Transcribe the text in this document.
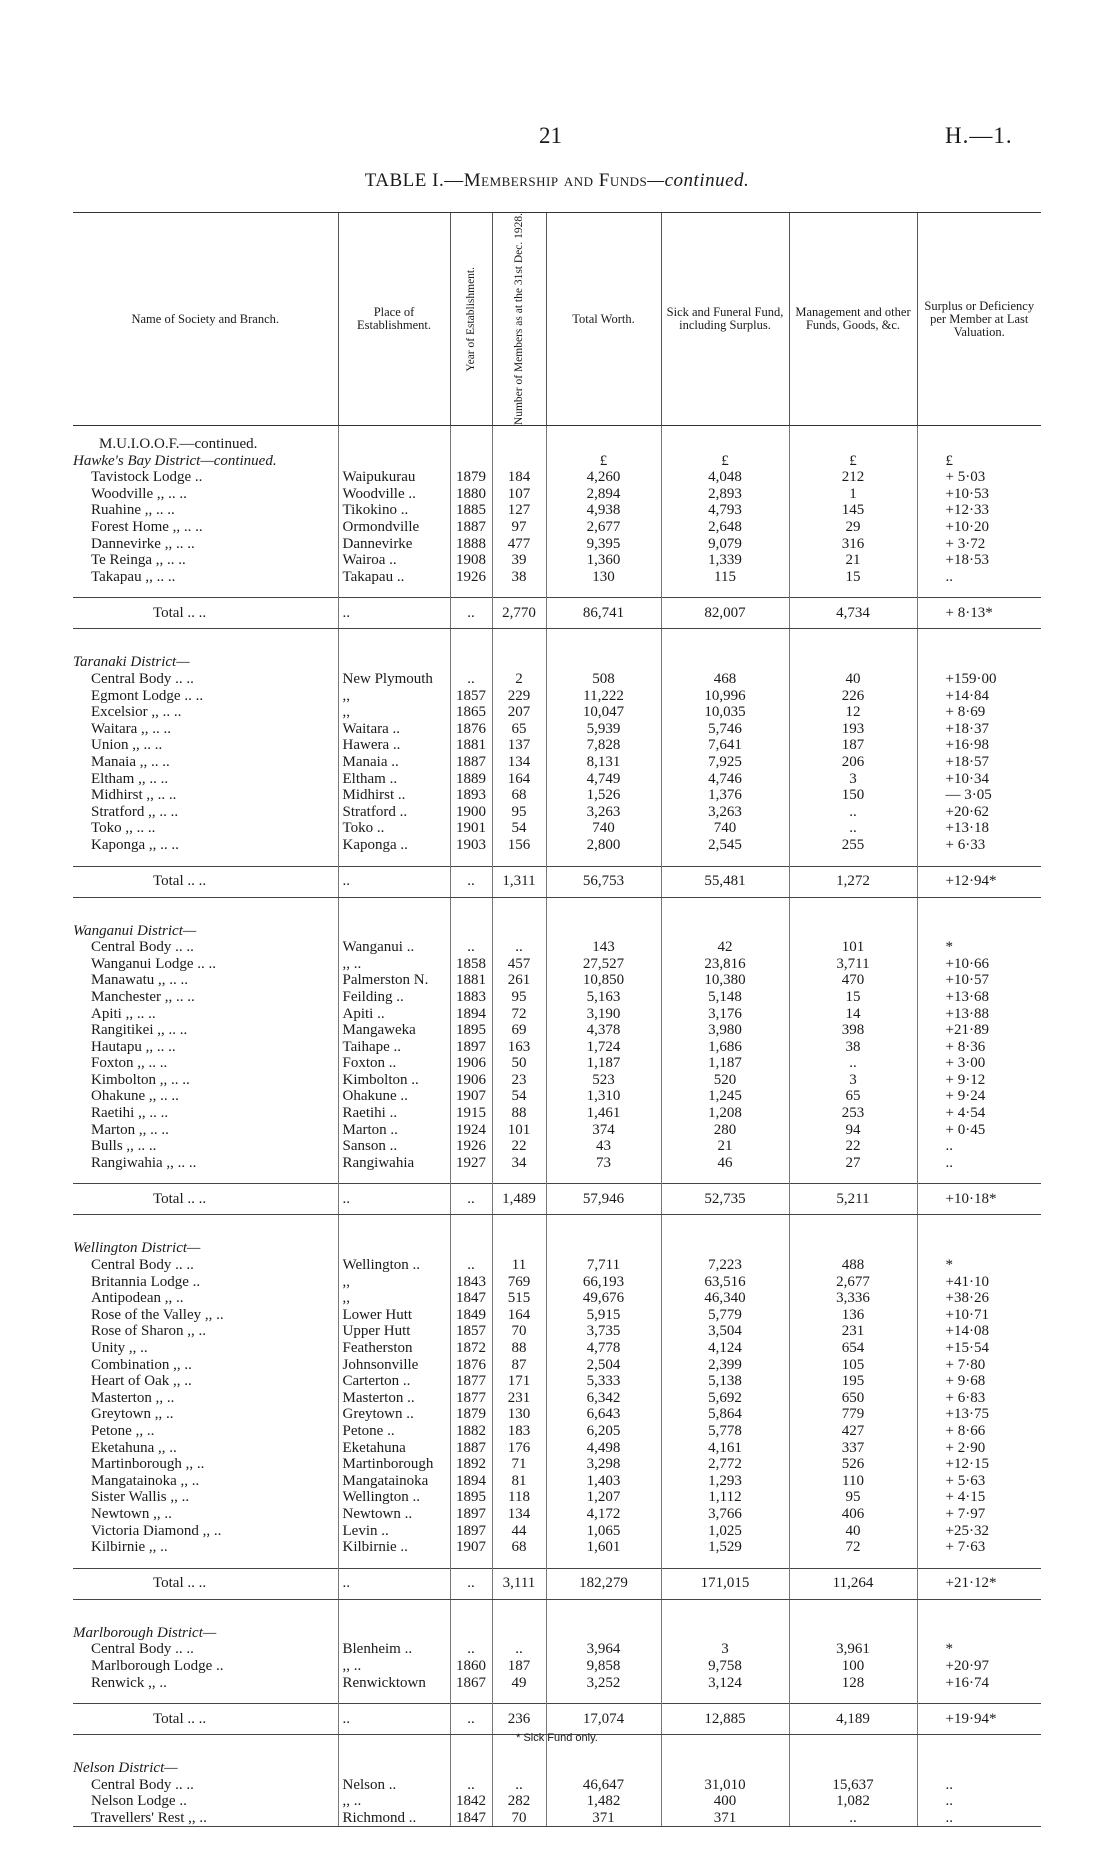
21	H.—1.
TABLE I.—Membership and Funds—continued.
Name of Society and Branch.	Place of Establishment.	Year of Establishment.	Number of Members as at the 31st Dec. 1928.	Total Worth.	Sick and Funeral Fund, including Surplus.	Management and other Funds, Goods, &c.	Surplus or Deficiency per Member at Last Valuation.
M.U.I.O.O.F.—continued.							
Hawke's Bay District—continued.				£	£	£	£
Tavistock Lodge ..	Waipukurau	1879	184	4,260	4,048	212	+ 5·03
Woodville ,, .. ..	Woodville ..	1880	107	2,894	2,893	1	+10·53
Ruahine ,, .. ..	Tikokino ..	1885	127	4,938	4,793	145	+12·33
Forest Home ,, .. ..	Ormondville	1887	97	2,677	2,648	29	+10·20
Dannevirke ,, .. ..	Dannevirke	1888	477	9,395	9,079	316	+ 3·72
Te Reinga ,, .. ..	Wairoa ..	1908	39	1,360	1,339	21	+18·53
Takapau ,, .. ..	Takapau ..	1926	38	130	115	15	..

Total .. ..	..	..	2,770	86,741	82,007	4,734	+ 8·13*

Taranaki District—							
Central Body .. ..	New Plymouth	..	2	508	468	40	+159·00
Egmont Lodge .. ..	,,	1857	229	11,222	10,996	226	+14·84
Excelsior ,, .. ..	,,	1865	207	10,047	10,035	12	+ 8·69
Waitara ,, .. ..	Waitara ..	1876	65	5,939	5,746	193	+18·37
Union ,, .. ..	Hawera ..	1881	137	7,828	7,641	187	+16·98
Manaia ,, .. ..	Manaia ..	1887	134	8,131	7,925	206	+18·57
Eltham ,, .. ..	Eltham ..	1889	164	4,749	4,746	3	+10·34
Midhirst ,, .. ..	Midhirst ..	1893	68	1,526	1,376	150	— 3·05
Stratford ,, .. ..	Stratford ..	1900	95	3,263	3,263	..	+20·62
Toko ,, .. ..	Toko ..	1901	54	740	740	..	+13·18
Kaponga ,, .. ..	Kaponga ..	1903	156	2,800	2,545	255	+ 6·33

Total .. ..	..	..	1,311	56,753	55,481	1,272	+12·94*

Wanganui District—							
Central Body .. ..	Wanganui ..	..	..	143	42	101	*
Wanganui Lodge .. ..	,, ..	1858	457	27,527	23,816	3,711	+10·66
Manawatu ,, .. ..	Palmerston N.	1881	261	10,850	10,380	470	+10·57
Manchester ,, .. ..	Feilding ..	1883	95	5,163	5,148	15	+13·68
Apiti ,, .. ..	Apiti ..	1894	72	3,190	3,176	14	+13·88
Rangitikei ,, .. ..	Mangaweka	1895	69	4,378	3,980	398	+21·89
Hautapu ,, .. ..	Taihape ..	1897	163	1,724	1,686	38	+ 8·36
Foxton ,, .. ..	Foxton ..	1906	50	1,187	1,187	..	+ 3·00
Kimbolton ,, .. ..	Kimbolton ..	1906	23	523	520	3	+ 9·12
Ohakune ,, .. ..	Ohakune ..	1907	54	1,310	1,245	65	+ 9·24
Raetihi ,, .. ..	Raetihi ..	1915	88	1,461	1,208	253	+ 4·54
Marton ,, .. ..	Marton ..	1924	101	374	280	94	+ 0·45
Bulls ,, .. ..	Sanson ..	1926	22	43	21	22	..
Rangiwahia ,, .. ..	Rangiwahia	1927	34	73	46	27	..

Total .. ..	..	..	1,489	57,946	52,735	5,211	+10·18*

Wellington District—							
Central Body .. ..	Wellington ..	..	11	7,711	7,223	488	*
Britannia Lodge ..	,,	1843	769	66,193	63,516	2,677	+41·10
Antipodean ,, ..	,,	1847	515	49,676	46,340	3,336	+38·26
Rose of the Valley ,, ..	Lower Hutt	1849	164	5,915	5,779	136	+10·71
Rose of Sharon ,, ..	Upper Hutt	1857	70	3,735	3,504	231	+14·08
Unity ,, ..	Featherston	1872	88	4,778	4,124	654	+15·54
Combination ,, ..	Johnsonville	1876	87	2,504	2,399	105	+ 7·80
Heart of Oak ,, ..	Carterton ..	1877	171	5,333	5,138	195	+ 9·68
Masterton ,, ..	Masterton ..	1877	231	6,342	5,692	650	+ 6·83
Greytown ,, ..	Greytown ..	1879	130	6,643	5,864	779	+13·75
Petone ,, ..	Petone ..	1882	183	6,205	5,778	427	+ 8·66
Eketahuna ,, ..	Eketahuna	1887	176	4,498	4,161	337	+ 2·90
Martinborough ,, ..	Martinborough	1892	71	3,298	2,772	526	+12·15
Mangatainoka ,, ..	Mangatainoka	1894	81	1,403	1,293	110	+ 5·63
Sister Wallis ,, ..	Wellington ..	1895	118	1,207	1,112	95	+ 4·15
Newtown ,, ..	Newtown ..	1897	134	4,172	3,766	406	+ 7·97
Victoria Diamond ,, ..	Levin ..	1897	44	1,065	1,025	40	+25·32
Kilbirnie ,, ..	Kilbirnie ..	1907	68	1,601	1,529	72	+ 7·63

Total .. ..	..	..	3,111	182,279	171,015	11,264	+21·12*

Marlborough District—							
Central Body .. ..	Blenheim ..	..	..	3,964	3	3,961	*
Marlborough Lodge ..	,, ..	1860	187	9,858	9,758	100	+20·97
Renwick ,, ..	Renwicktown	1867	49	3,252	3,124	128	+16·74

Total .. ..	..	..	236	17,074	12,885	4,189	+19·94*

Nelson District—							
Central Body .. ..	Nelson ..	..	..	46,647	31,010	15,637	..
Nelson Lodge ..	,, ..	1842	282	1,482	400	1,082	..
Travellers' Rest ,, ..	Richmond ..	1847	70	371	371	..	..
* Sick Fund only.
